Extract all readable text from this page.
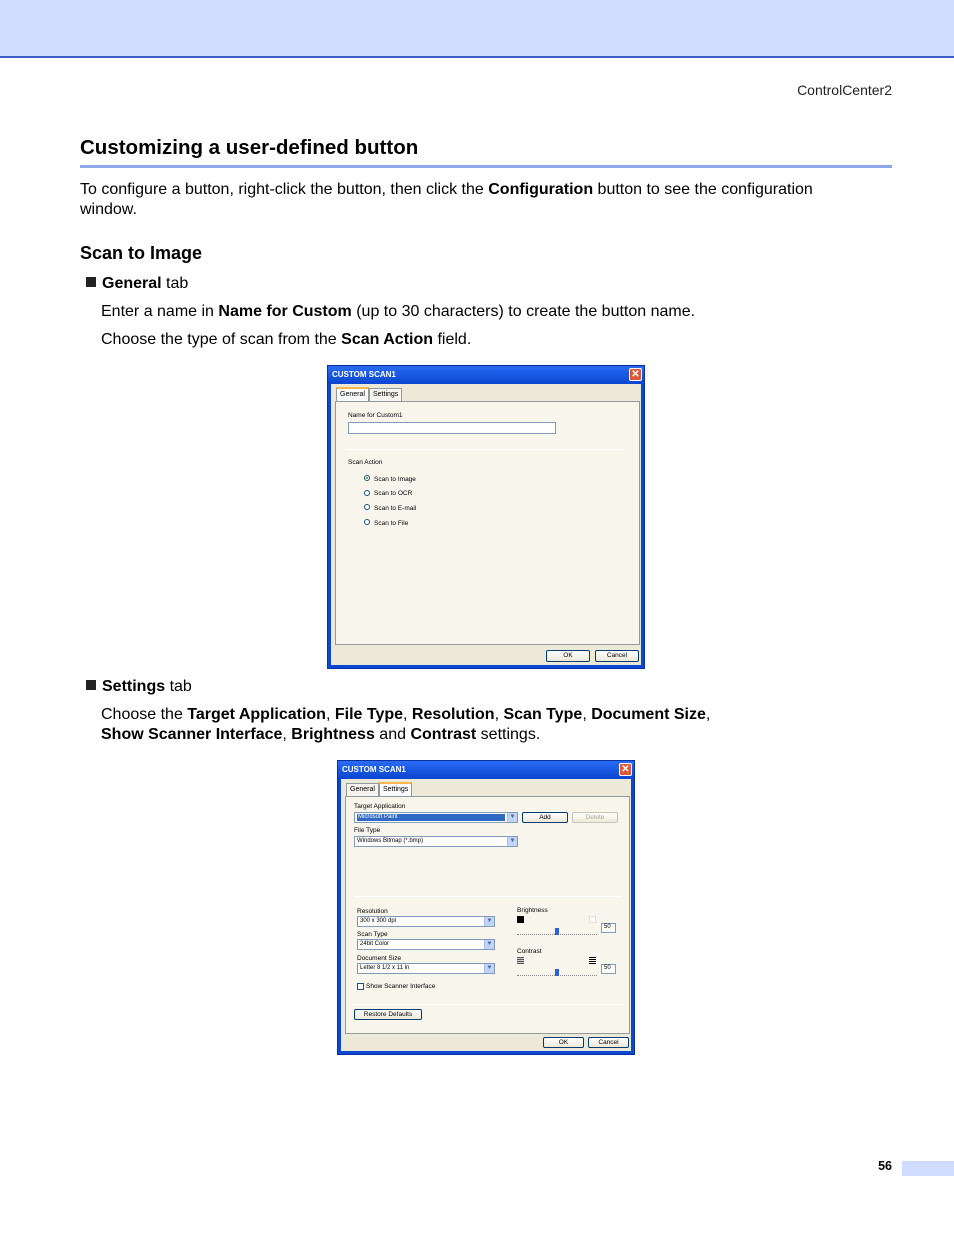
ControlCenter2
Customizing a user-defined button
To configure a button, right-click the button, then click the Configuration button to see the configuration
window.
Scan to Image
General tab
Enter a name in Name for Custom (up to 30 characters) to create the button name.
Choose the type of scan from the Scan Action field.
CUSTOM SCAN1	✕
General	Settings
Name for Custom1
Scan Action
Scan to Image
Scan to OCR
Scan to E-mail
Scan to File
OK	Cancel
Settings tab
Choose the Target Application, File Type, Resolution, Scan Type, Document Size,
Show Scanner Interface, Brightness and Contrast settings.
CUSTOM SCAN1	✕
General	Settings
Target Application
Microsoft Paint	▼	Add	Delete
File Type
Windows Bitmap (*.bmp)	▼
Resolution
300 x 300 dpi	▼
Scan Type
24bit Color	▼
Document Size
Letter 8 1/2 x 11 in	▼
Show Scanner Interface
Brightness
50
Contrast
50
Restore Defaults
OK	Cancel
56
